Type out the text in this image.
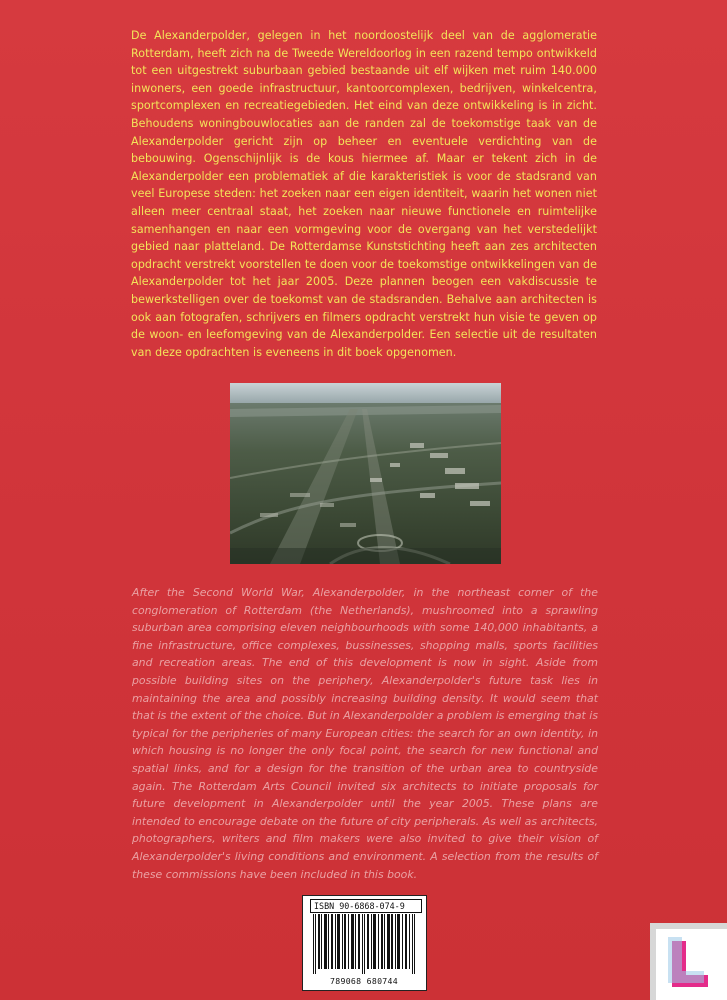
De Alexanderpolder, gelegen in het noordoostelijk deel van de agglomeratie Rotterdam, heeft zich na de Tweede Wereldoorlog in een razend tempo ontwikkeld tot een uitgestrekt suburbaan gebied bestaande uit elf wijken met ruim 140.000 inwoners, een goede infrastructuur, kantoorcomplexen, bedrijven, winkelcentra, sportcomplexen en recreatiegebieden. Het eind van deze ontwikkeling is in zicht. Behoudens woningbouwlocaties aan de randen zal de toekomstige taak van de Alexanderpolder gericht zijn op beheer en eventuele verdichting van de bebouwing. Ogenschijnlijk is de kous hiermee af. Maar er tekent zich in de Alexanderpolder een problematiek af die karakteristiek is voor de stadsrand van veel Europese steden: het zoeken naar een eigen identiteit, waarin het wonen niet alleen meer centraal staat, het zoeken naar nieuwe functionele en ruimtelijke samenhangen en naar een vormgeving voor de overgang van het verstedelijkt gebied naar platteland. De Rotterdamse Kunststichting heeft aan zes architecten opdracht verstrekt voorstellen te doen voor de toekomstige ontwikkelingen van de Alexanderpolder tot het jaar 2005. Deze plannen beogen een vakdiscussie te bewerkstelligen over de toekomst van de stadsranden. Behalve aan architecten is ook aan fotografen, schrijvers en filmers opdracht verstrekt hun visie te geven op de woon- en leefomgeving van de Alexanderpolder. Een selectie uit de resultaten van deze opdrachten is eveneens in dit boek opgenomen.

After the Second World War, Alexanderpolder, in the northeast corner of the conglomeration of Rotterdam (the Netherlands), mushroomed into a sprawling suburban area comprising eleven neighbourhoods with some 140,000 inhabitants, a fine infrastructure, office complexes, bussinesses, shopping malls, sports facilities and recreation areas. The end of this development is now in sight. Aside from possible building sites on the periphery, Alexanderpolder's future task lies in maintaining the area and possibly increasing building density. It would seem that that is the extent of the choice. But in Alexanderpolder a problem is emerging that is typical for the peripheries of many European cities: the search for an own identity, in which housing is no longer the only focal point, the search for new functional and spatial links, and for a design for the transition of the urban area to countryside again. The Rotterdam Arts Council invited six architects to initiate proposals for future development in Alexanderpolder until the year 2005. These plans are intended to encourage debate on the future of city peripherals. As well as architects, photographers, writers and film makers were also invited to give their vision of Alexanderpolder's living conditions and environment. A selection from the results of these commissions have been included in this book.

ISBN 90-6868-074-9
789068 680744
